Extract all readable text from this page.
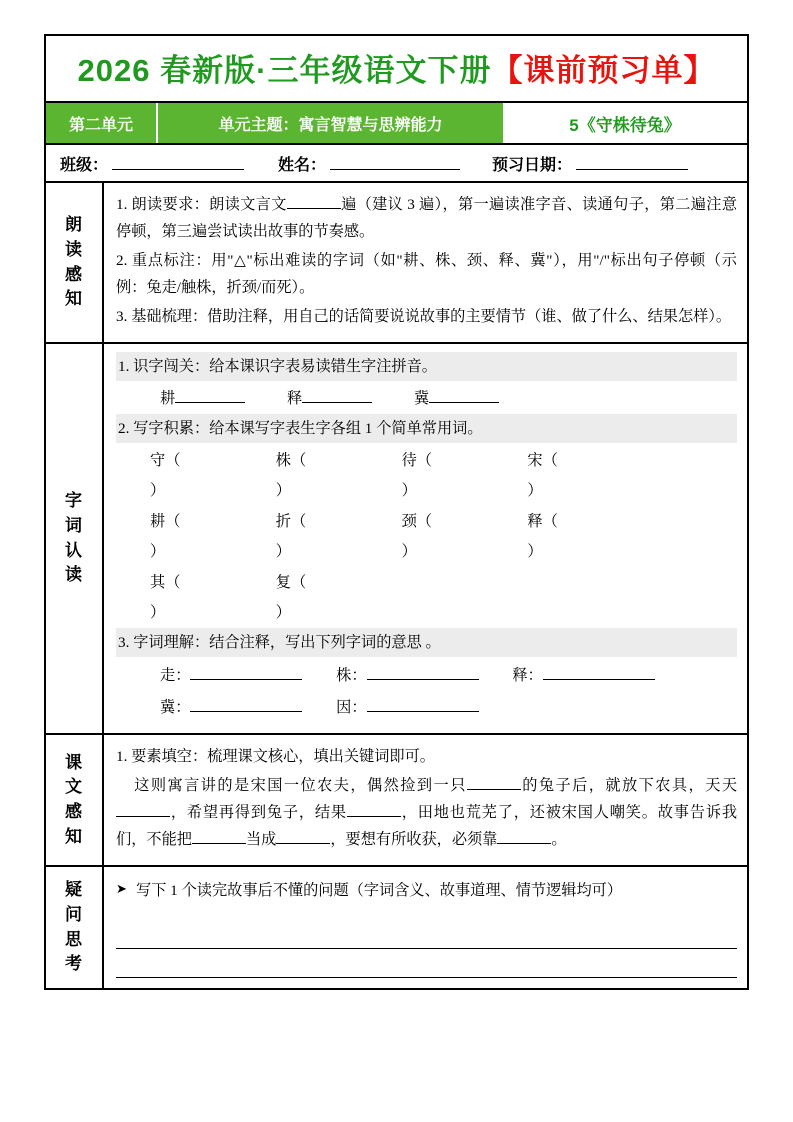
2026 春新版·三年级语文下册【课前预习单】
第二单元	单元主题：寓言智慧与思辨能力	5《守株待兔》
班级：	姓名：	预习日期：
朗
读
感
知

1. 朗读要求：朗读文言文	遍（建议 3 遍），第一遍读准字音、读通句子，第二遍注意停顿，第三遍尝试读出故事的节奏感。

2. 重点标注：用"△"标出难读的字词（如"耕、株、颈、释、冀"），用"/"标出句子停顿（示例：兔走/触株，折颈/而死）。

3. 基础梳理：借助注释，用自己的话简要说说故事的主要情节（谁、做了什么、结果怎样）。

字
词
认
读
1. 识字闯关：给本课识字表易读错生字注拼音。
耕	释	冀
2. 写字积累：给本课写字表生字各组 1 个简单常用词。
守（） 株（） 待（） 宋（）
耕（） 折（） 颈（） 释（）
其（） 复（）
3. 字词理解：结合注释，写出下列字词的意思 。
走：	株：	释：
冀：	因：
课
文
感
知

1. 要素填空：梳理课文核心，填出关键词即可。

这则寓言讲的是宋国一位农夫，偶然捡到一只	的兔子后，就放下农具，天天，希望再得到兔子，结果	，田地也荒芜了，还被宋国人嘲笑。故事告诉我们，不能把	当成	，要想有所收获，必须靠	。

疑
问
思
考
➤ 写下 1 个读完故事后不懂的问题（字词含义、故事道理、情节逻辑均可）
